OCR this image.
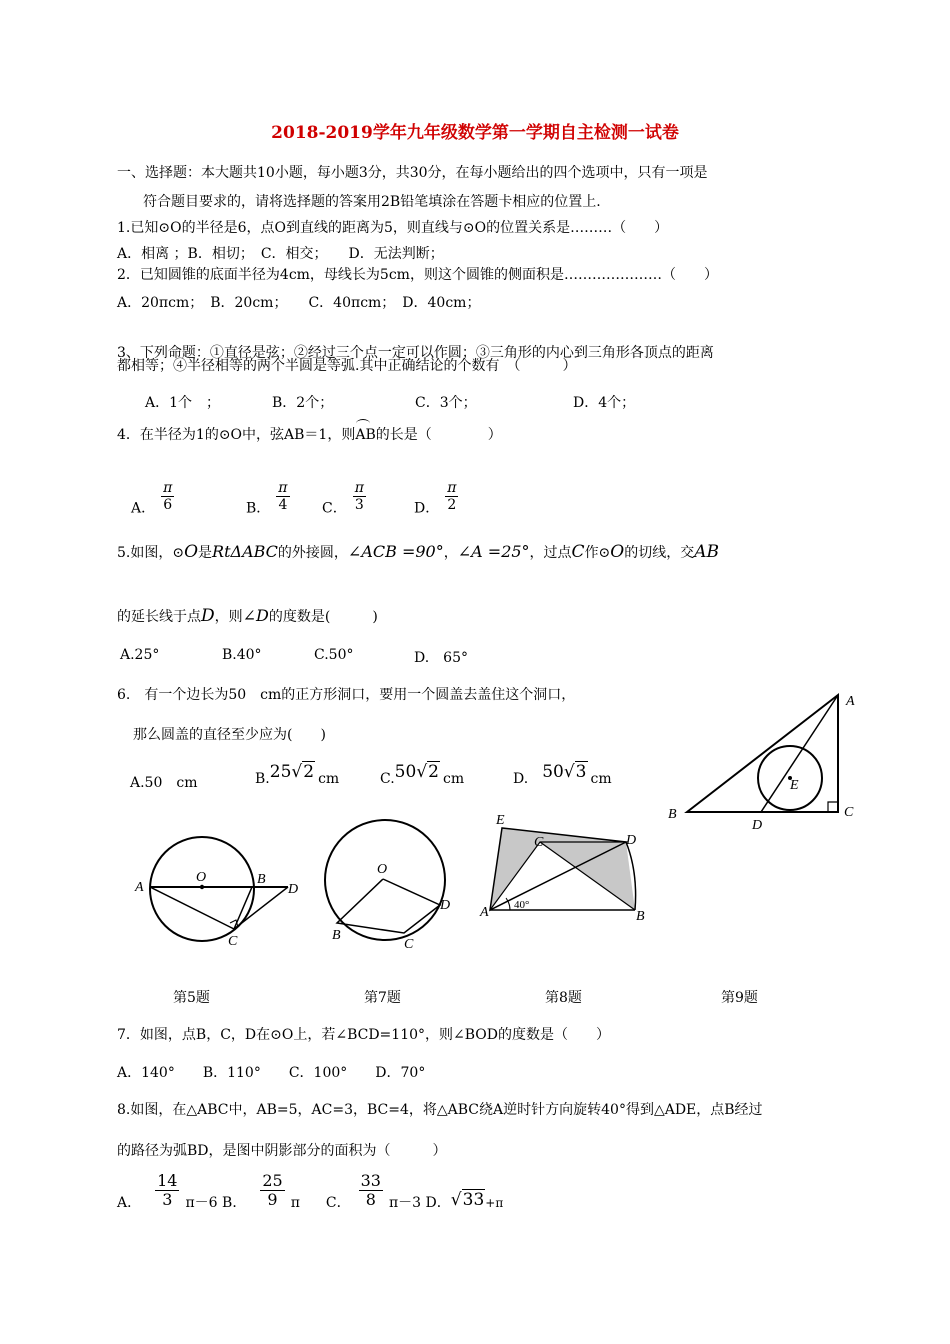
2018-2019学年九年级数学第一学期自主检测一试卷
一、选择题：本大题共10小题，每小题3分，共30分，在每小题给出的四个选项中，只有一项是
符合题目要求的，请将选择题的答案用2B铅笔填涂在答题卡相应的位置上.
1.已知⊙O的半径是6，点O到直线的距离为5，则直线与⊙O的位置关系是………（　　）
A．相离 ；B．相切；　C．相交；　　D．无法判断；
2．已知圆锥的底面半径为4cm，母线长为5cm，则这个圆锥的侧面积是…………………（　　）
A．20πcm；　B．20cm；　　C．40πcm；　D．40cm；
3、下列命题：①直径是弦；②经过三个点一定可以作圆；③三角形的内心到三角形各顶点的距离
都相等；④半径相等的两个半圆是等弧.其中正确结论的个数有　（　　　）
A．1个　；	B．2个；	C．3个；	D．4个；
4．在半径为1的⊙O中，弦AB＝1，则
AB的长是（　　　　）
A． $\frac{\pi}{6}$	B． $\frac{\pi}{4}$ C． $\frac{\pi}{3}$	D． $\frac{\pi}{2}$
5.如图，⊙O是RtΔABC的外接圆，∠ACB =90°，∠A =25°，过点C作⊙O的切线，交AB
的延长线于点D，则∠D的度数是(　　　)
A.25°	B.40°	C.50°	D.　65°
6.　有一个边长为50　cm的正方形洞口，要用一个圆盖去盖住这个洞口，
那么圆盖的直径至少应为(　　)
A.50　cm	B.25√2 cm	C.50√2 cm	D. 50√3 cm
A
B	C
D
E
A
O	B
D
C
O
B
C
D
E
C	D
A	B
40°
第5题	第7题	第8题	第9题
7．如图，点B，C，D在⊙O上，若∠BCD=110°，则∠BOD的度数是（　　）
A．140°　　B．110°　　C．100°　　D．70°
8.如图，在△ABC中，AB=5，AC=3，BC=4，将△ABC绕A逆时针方向旋转40°得到△ADE，点B经过
的路径为弧BD，是图中阴影部分的面积为（　　　）
A． $\frac{14}{3} \pi-6$ B． $\frac{25}{9}$ π C． $\frac{33}{8} \pi-3$ D．√33+π
